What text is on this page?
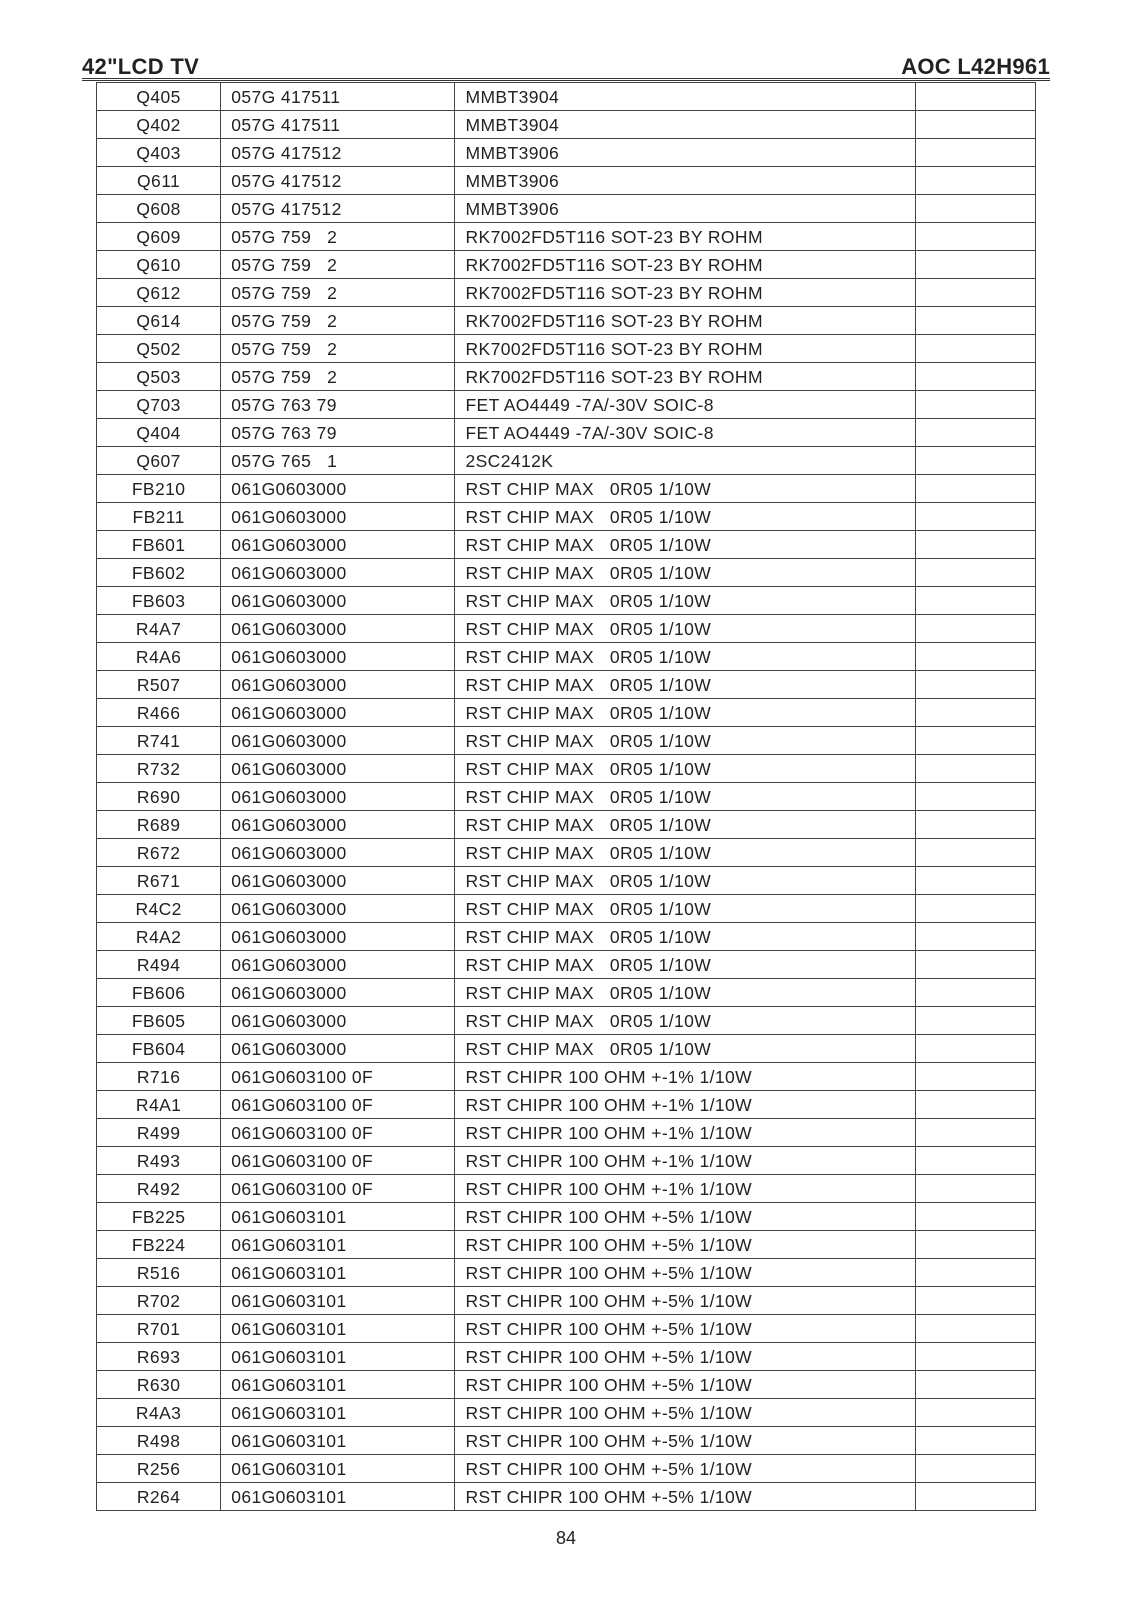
42"LCD TV	AOC L42H961
Q405	057G 417511	MMBT3904	
Q402	057G 417511	MMBT3904	
Q403	057G 417512	MMBT3906	
Q611	057G 417512	MMBT3906	
Q608	057G 417512	MMBT3906	
Q609	057G 759   2	RK7002FD5T116 SOT-23 BY ROHM	
Q610	057G 759   2	RK7002FD5T116 SOT-23 BY ROHM	
Q612	057G 759   2	RK7002FD5T116 SOT-23 BY ROHM	
Q614	057G 759   2	RK7002FD5T116 SOT-23 BY ROHM	
Q502	057G 759   2	RK7002FD5T116 SOT-23 BY ROHM	
Q503	057G 759   2	RK7002FD5T116 SOT-23 BY ROHM	
Q703	057G 763 79	FET AO4449 -7A/-30V SOIC-8	
Q404	057G 763 79	FET AO4449 -7A/-30V SOIC-8	
Q607	057G 765   1	2SC2412K	
FB210	061G0603000	RST CHIP MAX   0R05 1/10W	
FB211	061G0603000	RST CHIP MAX   0R05 1/10W	
FB601	061G0603000	RST CHIP MAX   0R05 1/10W	
FB602	061G0603000	RST CHIP MAX   0R05 1/10W	
FB603	061G0603000	RST CHIP MAX   0R05 1/10W	
R4A7	061G0603000	RST CHIP MAX   0R05 1/10W	
R4A6	061G0603000	RST CHIP MAX   0R05 1/10W	
R507	061G0603000	RST CHIP MAX   0R05 1/10W	
R466	061G0603000	RST CHIP MAX   0R05 1/10W	
R741	061G0603000	RST CHIP MAX   0R05 1/10W	
R732	061G0603000	RST CHIP MAX   0R05 1/10W	
R690	061G0603000	RST CHIP MAX   0R05 1/10W	
R689	061G0603000	RST CHIP MAX   0R05 1/10W	
R672	061G0603000	RST CHIP MAX   0R05 1/10W	
R671	061G0603000	RST CHIP MAX   0R05 1/10W	
R4C2	061G0603000	RST CHIP MAX   0R05 1/10W	
R4A2	061G0603000	RST CHIP MAX   0R05 1/10W	
R494	061G0603000	RST CHIP MAX   0R05 1/10W	
FB606	061G0603000	RST CHIP MAX   0R05 1/10W	
FB605	061G0603000	RST CHIP MAX   0R05 1/10W	
FB604	061G0603000	RST CHIP MAX   0R05 1/10W	
R716	061G0603100 0F	RST CHIPR 100 OHM +-1% 1/10W	
R4A1	061G0603100 0F	RST CHIPR 100 OHM +-1% 1/10W	
R499	061G0603100 0F	RST CHIPR 100 OHM +-1% 1/10W	
R493	061G0603100 0F	RST CHIPR 100 OHM +-1% 1/10W	
R492	061G0603100 0F	RST CHIPR 100 OHM +-1% 1/10W	
FB225	061G0603101	RST CHIPR 100 OHM +-5% 1/10W	
FB224	061G0603101	RST CHIPR 100 OHM +-5% 1/10W	
R516	061G0603101	RST CHIPR 100 OHM +-5% 1/10W	
R702	061G0603101	RST CHIPR 100 OHM +-5% 1/10W	
R701	061G0603101	RST CHIPR 100 OHM +-5% 1/10W	
R693	061G0603101	RST CHIPR 100 OHM +-5% 1/10W	
R630	061G0603101	RST CHIPR 100 OHM +-5% 1/10W	
R4A3	061G0603101	RST CHIPR 100 OHM +-5% 1/10W	
R498	061G0603101	RST CHIPR 100 OHM +-5% 1/10W	
R256	061G0603101	RST CHIPR 100 OHM +-5% 1/10W	
R264	061G0603101	RST CHIPR 100 OHM +-5% 1/10W	
84
